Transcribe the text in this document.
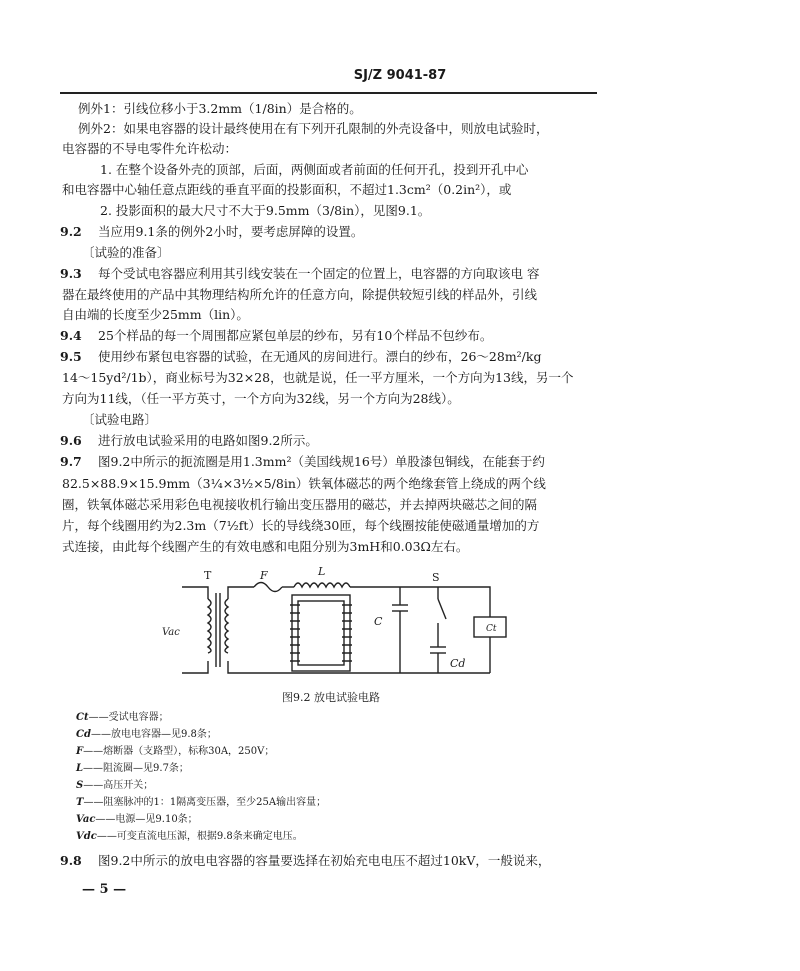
SJ/Z 9041-87
例外1：引线位移小于3.2mm（1/8in）是合格的。
例外2：如果电容器的设计最终使用在有下列开孔限制的外壳设备中，则放电试验时，
电容器的不导电零件允许松动：
1. 在整个设备外壳的顶部，后面，两侧面或者前面的任何开孔，投到开孔中心
和电容器中心轴任意点距线的垂直平面的投影面积，不超过1.3cm²（0.2in²），或
2. 投影面积的最大尺寸不大于9.5mm（3/8in），见图9.1。
9.2 当应用9.1条的例外2小时，要考虑屏障的设置。
〔试验的准备〕
9.3 每个受试电容器应利用其引线安装在一个固定的位置上，电容器的方向取该电 容
器在最终使用的产品中其物理结构所允许的任意方向，除提供较短引线的样品外，引线
自由端的长度至少25mm（lin）。
9.4 25个样品的每一个周围都应紧包单层的纱布，另有10个样品不包纱布。
9.5 使用纱布紧包电容器的试验，在无通风的房间进行。漂白的纱布，26～28m²/kg
14～15yd²/1b），商业标号为32×28，也就是说，任一平方厘米，一个方向为13线，另一个
方向为11线，（任一平方英寸，一个方向为32线，另一个方向为28线）。
〔试验电路〕
9.6 进行放电试验采用的电路如图9.2所示。
9.7 图9.2中所示的扼流圈是用1.3mm²（美国线规16号）单股漆包铜线，在能套于约
82.5×88.9×15.9mm（3¼×3½×5/8in）铁氧体磁芯的两个绝缘套管上绕成的两个线
圈，铁氧体磁芯采用彩色电视接收机行输出变压器用的磁芯，并去掉两块磁芯之间的隔
片，每个线圈用约为2.3m（7½ft）长的导线绕30匝，每个线圈按能使磁通量增加的方
式连接，由此每个线圈产生的有效电感和电阻分别为3mH和0.03Ω左右。
T	F	L	S
C
Cd
Vac	Ct
图9.2 放电试验电路
Ct——受试电容器；
Cd——放电电容器—见9.8条；
F——熔断器（支路型），标称30A，250V；
L——阻流圈—见9.7条；
S——高压开关；
T——阻塞脉冲的1：1隔离变压器，至少25A输出容量；
Vac——电源—见9.10条；
Vdc——可变直流电压源，根据9.8条来确定电压。
9.8 图9.2中所示的放电电容器的容量要选择在初始充电电压不超过10kV，一般说来，
— 5 —
